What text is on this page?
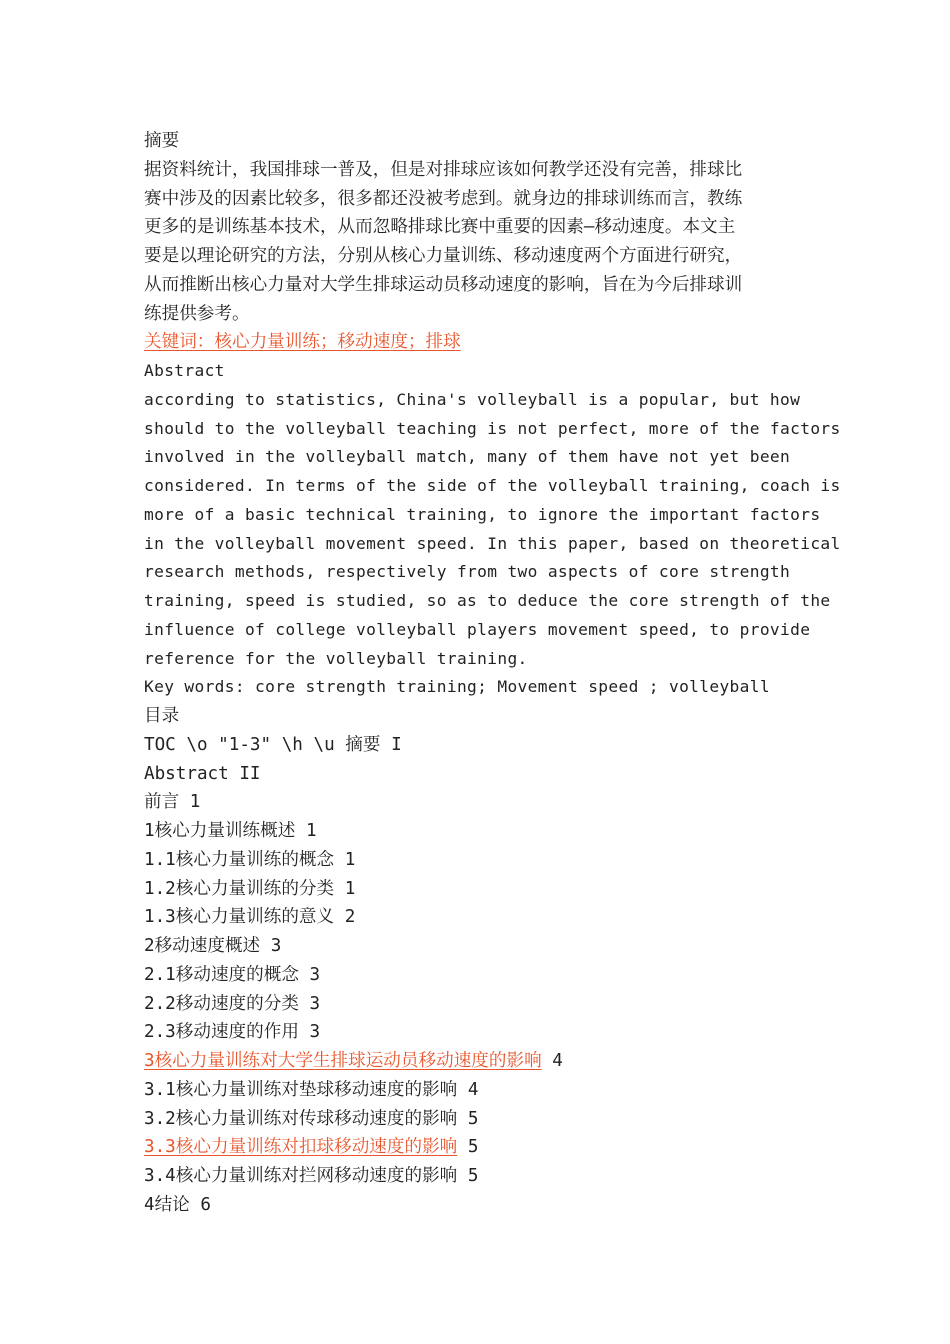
摘要
据资料统计，我国排球一普及，但是对排球应该如何教学还没有完善，排球比
赛中涉及的因素比较多，很多都还没被考虑到。就身边的排球训练而言，教练
更多的是训练基本技术，从而忽略排球比赛中重要的因素—移动速度。本文主
要是以理论研究的方法，分别从核心力量训练、移动速度两个方面进行研究，
从而推断出核心力量对大学生排球运动员移动速度的影响，旨在为今后排球训
练提供参考。
关键词：核心力量训练；移动速度；排球
Abstract
according to statistics, China's volleyball is a popular, but how
should to the volleyball teaching is not perfect, more of the factors
involved in the volleyball match, many of them have not yet been
considered. In terms of the side of the volleyball training, coach is
more of a basic technical training, to ignore the important factors
in the volleyball movement speed. In this paper, based on theoretical
research methods, respectively from two aspects of core strength
training, speed is studied, so as to deduce the core strength of the
influence of college volleyball players movement speed, to provide
reference for the volleyball training.
Key words: core strength training; Movement speed ; volleyball
目录
TOC \o "1-3" \h \u 摘要 I
Abstract II
前言 1
1核心力量训练概述 1
1.1核心力量训练的概念 1
1.2核心力量训练的分类 1
1.3核心力量训练的意义 2
2移动速度概述 3
2.1移动速度的概念 3
2.2移动速度的分类 3
2.3移动速度的作用 3
3核心力量训练对大学生排球运动员移动速度的影响 4
3.1核心力量训练对垫球移动速度的影响 4
3.2核心力量训练对传球移动速度的影响 5
3.3核心力量训练对扣球移动速度的影响 5
3.4核心力量训练对拦网移动速度的影响 5
4结论 6
